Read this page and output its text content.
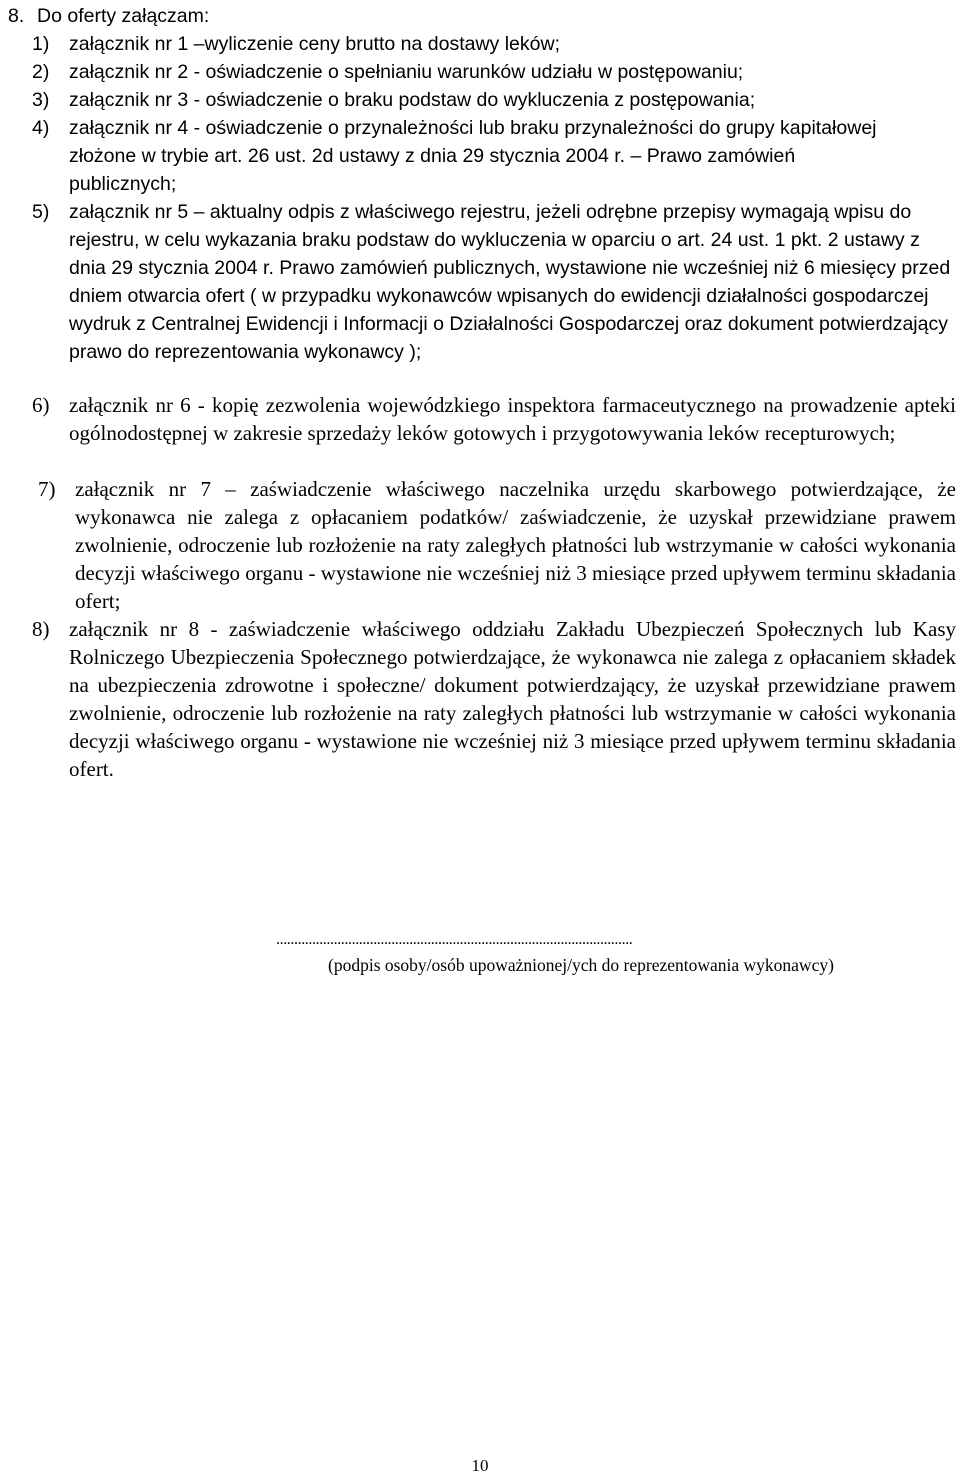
8. Do oferty załączam:
1) załącznik nr 1 –wyliczenie ceny brutto na dostawy leków;
2) załącznik nr 2 - oświadczenie o spełnianiu warunków udziału w postępowaniu;
3) załącznik nr 3 - oświadczenie o braku podstaw do wykluczenia z postępowania;
4) załącznik nr 4 - oświadczenie o przynależności lub braku przynależności do grupy kapitałowej złożone w trybie art. 26 ust. 2d ustawy z dnia 29 stycznia 2004 r. – Prawo zamówień publicznych;
5) załącznik nr 5 – aktualny odpis z właściwego rejestru, jeżeli odrębne przepisy wymagają wpisu do rejestru, w celu wykazania braku podstaw do wykluczenia w oparciu o art. 24 ust. 1 pkt. 2 ustawy z dnia 29 stycznia 2004 r. Prawo zamówień publicznych, wystawione nie wcześniej niż 6 miesięcy przed dniem otwarcia ofert ( w przypadku wykonawców wpisanych do ewidencji działalności gospodarczej wydruk z Centralnej Ewidencji i Informacji o Działalności Gospodarczej oraz dokument potwierdzający prawo do reprezentowania wykonawcy );
6) załącznik nr 6 - kopię zezwolenia wojewódzkiego inspektora farmaceutycznego na prowadzenie apteki ogólnodostępnej w zakresie sprzedaży leków gotowych i przygotowywania leków recepturowych;
7) załącznik nr 7 – zaświadczenie właściwego naczelnika urzędu skarbowego potwierdzające, że wykonawca nie zalega z opłacaniem podatków/ zaświadczenie, że uzyskał przewidziane prawem zwolnienie, odroczenie lub rozłożenie na raty zaległych płatności lub wstrzymanie w całości wykonania decyzji właściwego organu - wystawione nie wcześniej niż 3 miesiące przed upływem terminu składania ofert;
8) załącznik nr 8 - zaświadczenie właściwego oddziału Zakładu Ubezpieczeń Społecznych lub Kasy Rolniczego Ubezpieczenia Społecznego potwierdzające, że wykonawca nie zalega z opłacaniem składek na ubezpieczenia zdrowotne i społeczne/ dokument potwierdzający, że uzyskał przewidziane prawem zwolnienie, odroczenie lub rozłożenie na raty zaległych płatności lub wstrzymanie w całości wykonania decyzji właściwego organu - wystawione nie wcześniej niż 3 miesiące przed upływem terminu składania ofert.
...................................................................................................
(podpis osoby/osób upoważnionej/ych do reprezentowania wykonawcy)
10
